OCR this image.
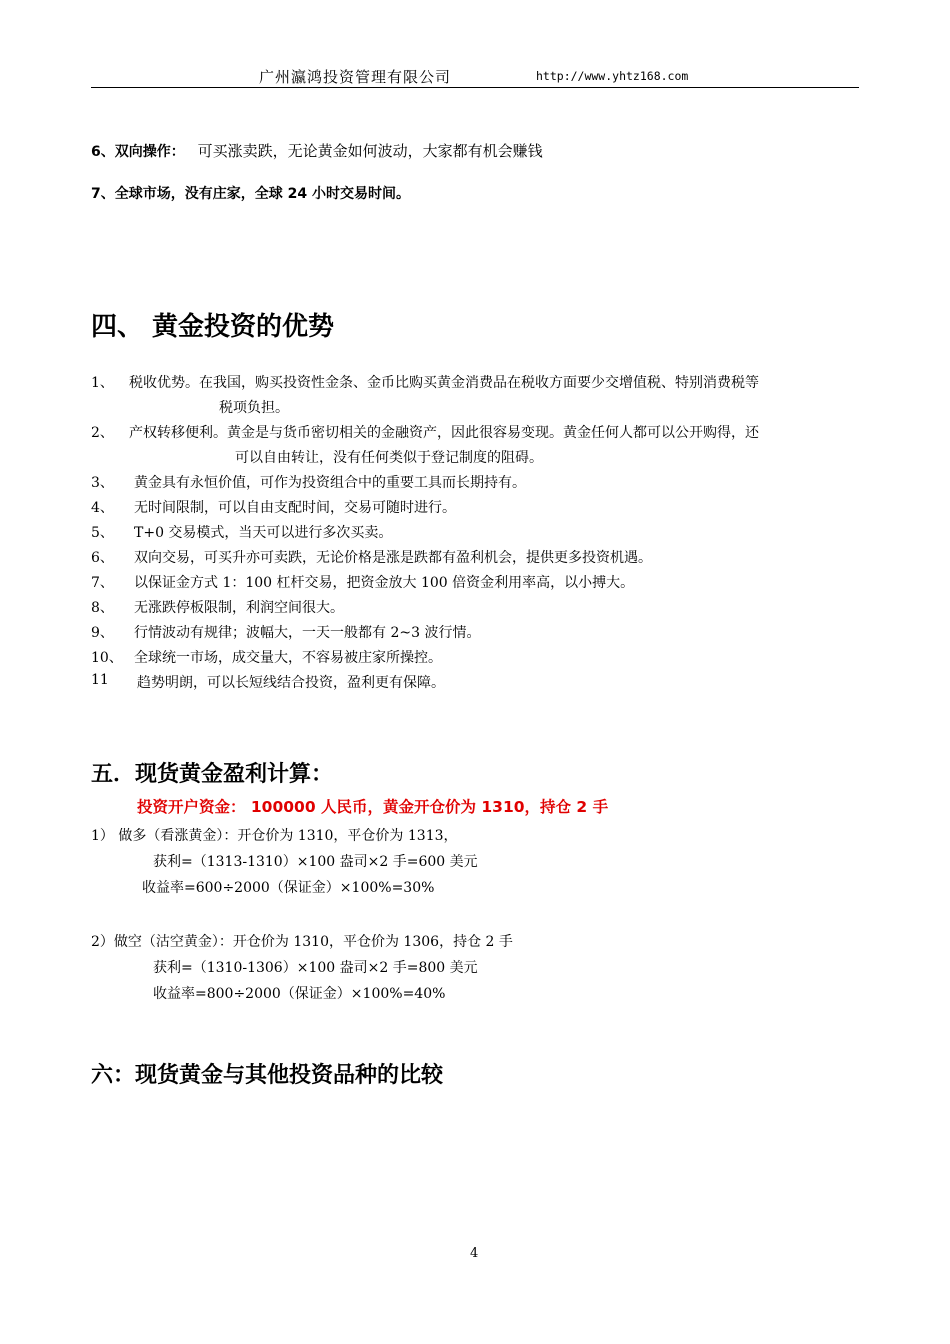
广州瀛鸿投资管理有限公司	http://www.yhtz168.com
6、双向操作： 可买涨卖跌，无论黄金如何波动，大家都有机会赚钱
7、全球市场，没有庄家，全球 24 小时交易时间。
四、 黄金投资的优势
1、 税收优势。在我国，购买投资性金条、金币比购买黄金消费品在税收方面要少交增值税、特别消费税等
税项负担。
2、 产权转移便利。黄金是与货币密切相关的金融资产，因此很容易变现。黄金任何人都可以公开购得，还
可以自由转让，没有任何类似于登记制度的阻碍。
3、 黄金具有永恒价值，可作为投资组合中的重要工具而长期持有。
4、 无时间限制，可以自由支配时间，交易可随时进行。
5、 T+0 交易模式，当天可以进行多次买卖。
6、 双向交易，可买升亦可卖跌，无论价格是涨是跌都有盈利机会，提供更多投资机遇。
7、 以保证金方式 1：100 杠杆交易，把资金放大 100 倍资金利用率高，以小搏大。
8、 无涨跌停板限制，利润空间很大。
9、 行情波动有规律；波幅大，一天一般都有 2~3 波行情。
10、 全球统一市场，成交量大，不容易被庄家所操控。
11 趋势明朗，可以长短线结合投资，盈利更有保障。
五．现货黄金盈利计算：
投资开户资金： 100000 人民币，黄金开仓价为 1310，持仓 2 手
1） 做多（看涨黄金）：开仓价为 1310，平仓价为 1313，
获利=（1313-1310）×100 盎司×2 手=600 美元
收益率=600÷2000（保证金）×100%=30%
2）做空（沽空黄金）：开仓价为 1310，平仓价为 1306，持仓 2 手
获利=（1310-1306）×100 盎司×2 手=800 美元
收益率=800÷2000（保证金）×100%=40%
六：现货黄金与其他投资品种的比较
4
